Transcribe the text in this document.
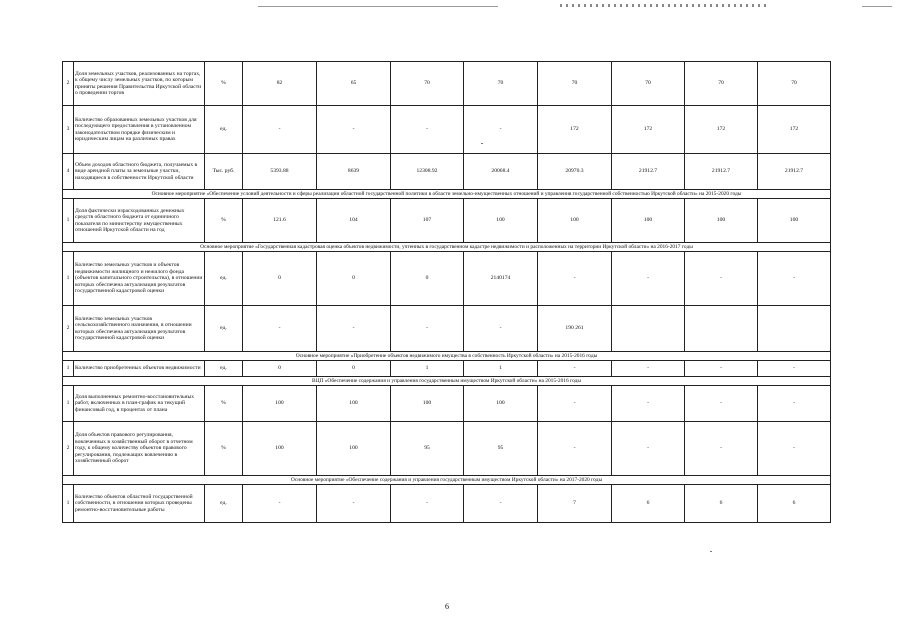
2	Доля земельных участков, реализованных на торгах, к общему числу земельных участков, по которым приняты решения Правительства Иркутской области о проведении торгов	%	82	65	70	70	70	70	70	70
3	Количество образованных земельных участков для последующего предоставления в установленном законодательством порядке физическим и юридическим лицам на различных правах	ед.	-	-	-	-	172	172	172	172
4	Объем доходов областного бюджета, получаемых в виде арендной платы за земельные участки, находящиеся в собственности Иркутской области	Тыс. руб.	5393.88	8639	12308.92	20068.4	20970.3	21912.7	21912.7	21912.7
Основное мероприятие «Обеспечение условий деятельности и сферы реализации областной государственной политики в области земельно-имущественных отношений и управления государственной собственностью Иркутской области» на 2015-2020 годы										
1	Доля фактически израсходованных денежных средств областного бюджета от единичного показателя по министерству имущественных отношений Иркутской области на год	%	121.6	104	107	100	100	100	100	100
Основное мероприятие «Государственная кадастровая оценка объектов недвижимости, учтенных в государственном кадастре недвижимости и расположенных на территории Иркутской области» на 2016-2017 годы										
1	Количество земельных участков и объектов недвижимости жилищного и нежилого фонда (объектов капитального строительства), в отношении которых обеспечена актуализация результатов государственной кадастровой оценки	ед.	0	0	0	2140174	-	-	-	-
2	Количество земельных участков сельскохозяйственного назначения, в отношении которых обеспечена актуализация результатов государственной кадастровой оценки	ед.	-	-	-	-	190 261			
Основное мероприятие «Приобретение объектов недвижимого имущества в собственность Иркутской области» на 2015-2016 годы										
1	Количество приобретенных объектов недвижимости	ед.	0	0	1	1	-	-	-	-
ВЦП «Обеспечение содержания и управления государственным имуществом Иркутской области» на 2015-2016 годы										
1	Доля выполненных ремонтно-восстановительных работ, включенных в план-график на текущий финансовый год, в процентах от плана	%	100	100	100	100	-	-	-	-
2	Доля объектов правового регулирования, вовлеченных в хозяйственный оборот в отчетном году, к общему количеству объектов правового регулирования, подлежащих вовлечению в хозяйственный оборот	%	100	100	95	95	-	-	-	-
Основное мероприятие «Обеспечение содержания и управления государственным имуществом Иркутской области» на 2017-2020 годы										
1	Количество объектов областной государственной собственности, в отношении которых проведены ремонтно-восстановительные работы	ед.	-	-	-	-	7	6	6	6
6
